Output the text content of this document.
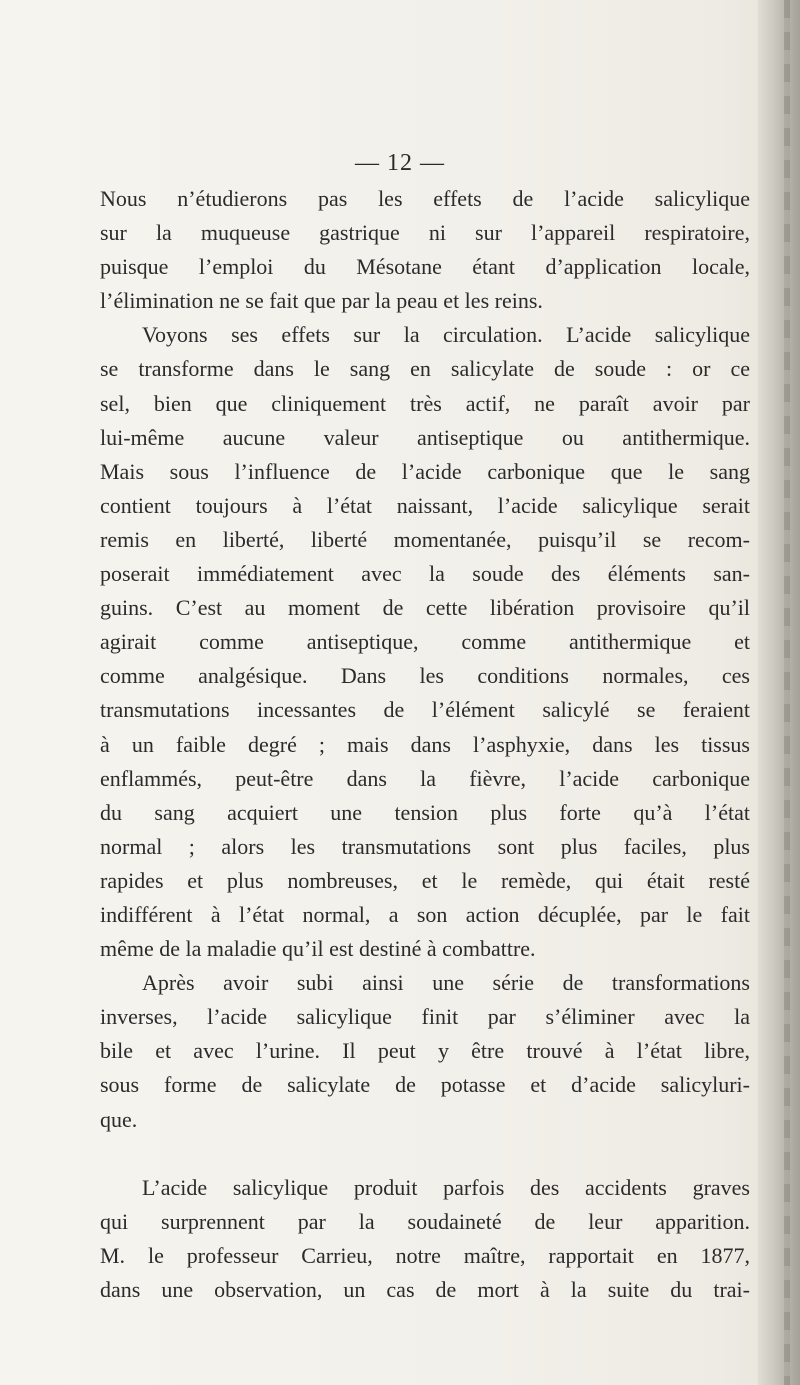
— 12 —
Nous n’étudierons pas les effets de l’acide salicylique
sur la muqueuse gastrique ni sur l’appareil respiratoire,
puisque l’emploi du Mésotane étant d’application locale,
l’élimination ne se fait que par la peau et les reins.
Voyons ses effets sur la circulation. L’acide salicylique
se transforme dans le sang en salicylate de soude : or ce
sel, bien que cliniquement très actif, ne paraît avoir par
lui-même aucune valeur antiseptique ou antithermique.
Mais sous l’influence de l’acide carbonique que le sang
contient toujours à l’état naissant, l’acide salicylique serait
remis en liberté, liberté momentanée, puisqu’il se recom-
poserait immédiatement avec la soude des éléments san-
guins. C’est au moment de cette libération provisoire qu’il
agirait comme antiseptique, comme antithermique et
comme analgésique. Dans les conditions normales, ces
transmutations incessantes de l’élément salicylé se feraient
à un faible degré ; mais dans l’asphyxie, dans les tissus
enflammés, peut-être dans la fièvre, l’acide carbonique
du sang acquiert une tension plus forte qu’à l’état
normal ; alors les transmutations sont plus faciles, plus
rapides et plus nombreuses, et le remède, qui était resté
indifférent à l’état normal, a son action décuplée, par le fait
même de la maladie qu’il est destiné à combattre.
Après avoir subi ainsi une série de transformations
inverses, l’acide salicylique finit par s’éliminer avec la
bile et avec l’urine. Il peut y être trouvé à l’état libre,
sous forme de salicylate de potasse et d’acide salicyluri-
que.
L’acide salicylique produit parfois des accidents graves
qui surprennent par la soudaineté de leur apparition.
M. le professeur Carrieu, notre maître, rapportait en 1877,
dans une observation, un cas de mort à la suite du trai-
